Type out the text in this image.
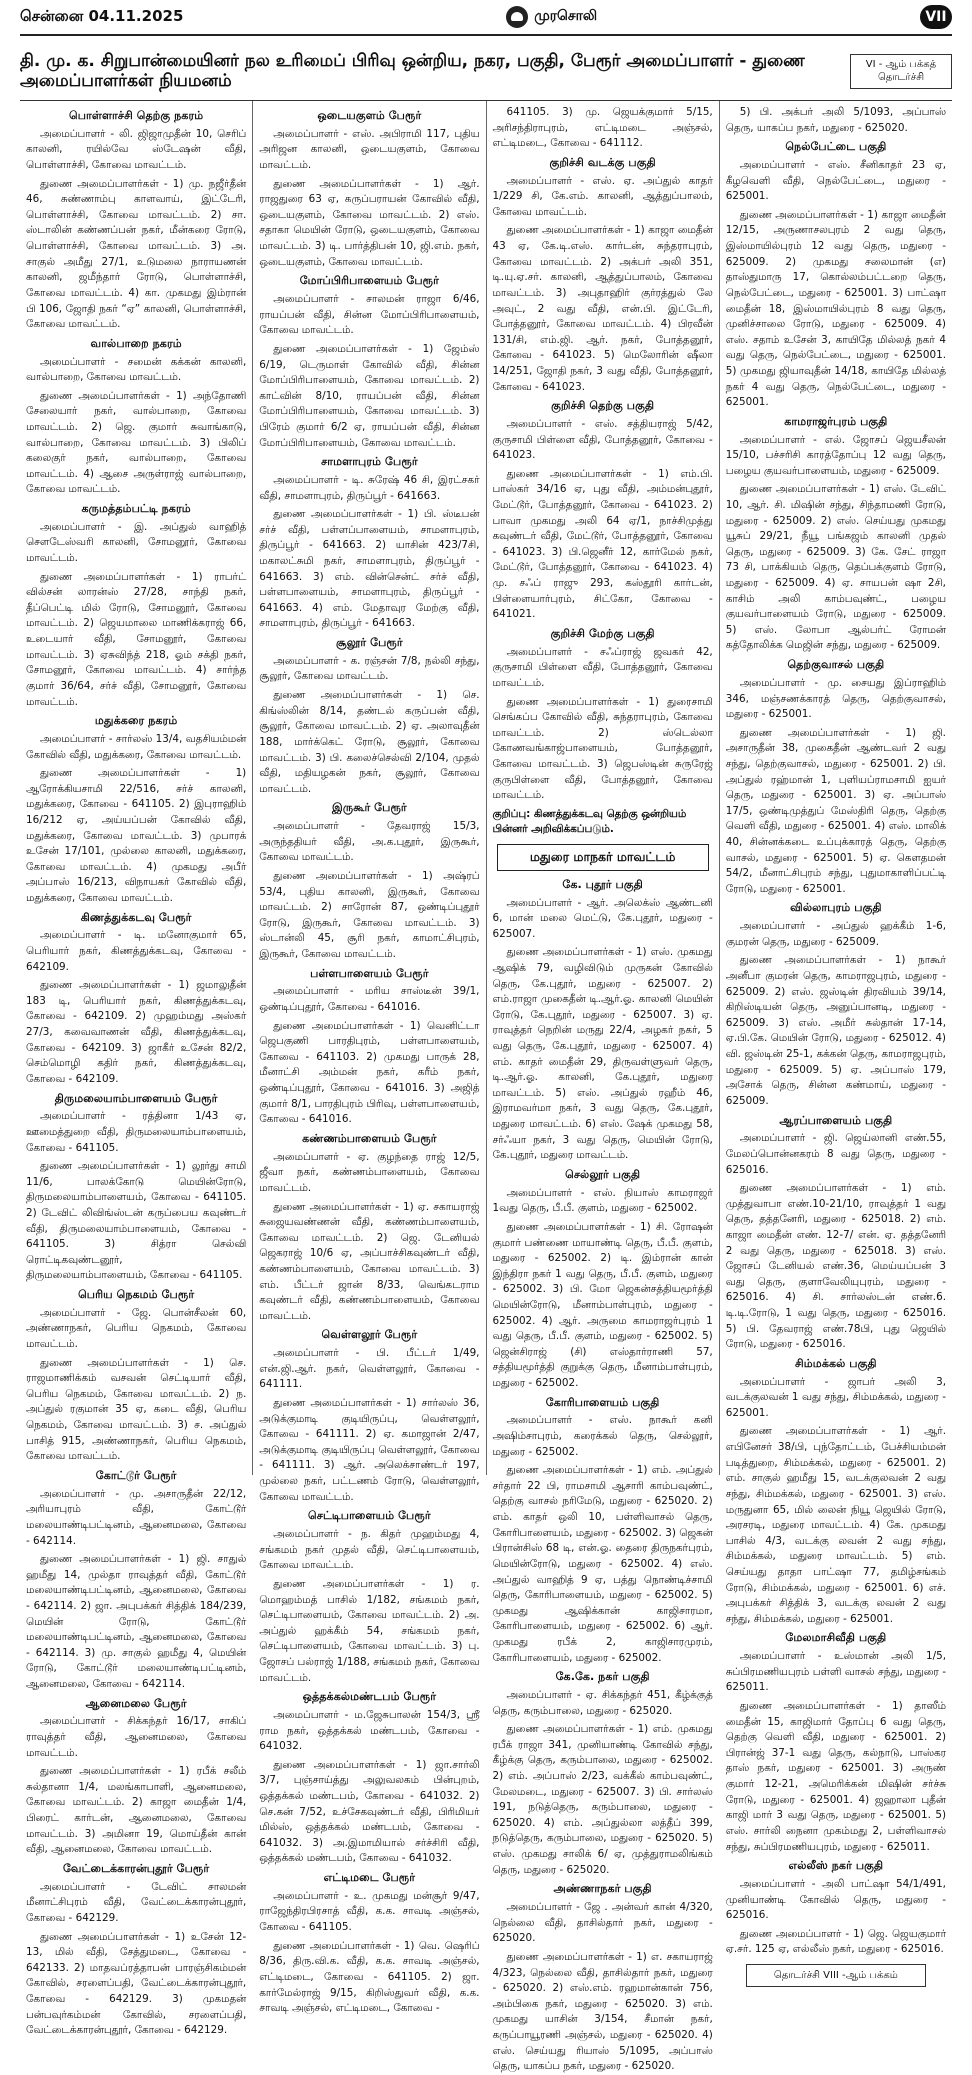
சென்னை 04.11.2025	முரசொலி	VII
தி. மு. க. சிறுபான்மையினர் நல உரிமைப் பிரிவு ஒன்றிய, நகர, பகுதி, பேரூர் அமைப்பாளர் - துணை அமைப்பாளர்கள் நியமனம்
VI - ஆம் பக்கத் தொடர்ச்சி
பொள்ளாச்சி தெற்கு நகரம்

அமைப்பாளர் - லி. ஜிஜாமுதீன் 10, செரிப் காலனி, ரயில்வே ஸ்டேஷன் வீதி, பொள்ளாச்சி, கோவை மாவட்டம்.

துணை அமைப்பாளர்கள் - 1) மு. நஜீர்தீன் 46, சுண்ணாம்பு காளவாய், இட்டேரி, பொள்ளாச்சி, கோவை மாவட்டம். 2) சா. ஸ்டாலின் கண்ணப்பன் நகர், மீன்கரை ரோடு, பொள்ளாச்சி, கோவை மாவட்டம். 3) அ. சாகுல் அமீது 27/1, உடுமலை நாராயணன் காலனி, ஜமீந்தார் ரோடு, பொள்ளாச்சி, கோவை மாவட்டம். 4) கா. முகமது இம்ரான் பி 106, ஜோதி நகர் “ஏ” காலனி, பொள்ளாச்சி, கோவை மாவட்டம்.

வால்பாறை நகரம்

அமைப்பாளர் - சமைன் கக்கன் காலனி, வால்பாறை, கோவை மாவட்டம்.

துணை அமைப்பாளர்கள் - 1) அந்தோணி சேலையார் நகர், வால்பாறை, கோவை மாவட்டம். 2) ஜெ. குமார் சுவாங்காடு, வால்பாறை, கோவை மாவட்டம். 3) பிலிப் கலைகுர் நகர், வால்பாறை, கோவை மாவட்டம். 4) ஆசை அருள்ராஜ் வால்பாறை, கோவை மாவட்டம்.

கருமத்தம்பட்டி நகரம்

அமைப்பாளர் - இ. அப்துல் வாஹித் சௌடேஸ்வரி காலனி, சோமனூர், கோவை மாவட்டம்.

துணை அமைப்பாளர்கள் - 1) ராபர்ட் வில்சன் லாரன்ஸ் 27/28, சாந்தி நகர், தீப்பெட்டி மில் ரோடு, சோமனூர், கோவை மாவட்டம். 2) ஜெயமாலை மாணிக்கராஜ் 66, உடையார் வீதி, சோமனூர், கோவை மாவட்டம். 3) ஏசுவிந்த் 218, ஓம் சக்தி நகர், சோமனூர், கோவை மாவட்டம். 4) சார்ந்த குமார் 36/64, சர்ச் வீதி, சோமனூர், கோவை மாவட்டம்.

மதுக்கரை நகரம்

அமைப்பாளர் - சார்லஸ் 13/4, வதசியம்மன் கோவில் வீதி, மதுக்கரை, கோவை மாவட்டம்.

துணை அமைப்பாளர்கள் - 1) ஆரோக்கியசாமி 22/516, சர்ச் காலனி, மதுக்கரை, கோவை - 641105. 2) இபுராஹிம் 16/212 ஏ, அய்யப்பன் கோவில் வீதி, மதுக்கரை, கோவை மாவட்டம். 3) முபாரக் உசேன் 17/101, முல்லை காலனி, மதுக்கரை, கோவை மாவட்டம். 4) முகமது அபீர் அப்பாஸ் 16/213, விநாயகர் கோவில் வீதி, மதுக்கரை, கோவை மாவட்டம்.

கிணத்துக்கடவு பேரூர்

அமைப்பாளர் - டி. மனோகுமார் 65, பெரியார் நகர், கிணத்துக்கடவு, கோவை - 642109.

துணை அமைப்பாளர்கள் - 1) ஜமாலுதீன் 183 டி, பெரியார் நகர், கிணத்துக்கடவு, கோவை - 642109. 2) முஹம்மது அஸ்கர் 27/3, கவைவாணன் வீதி, கிணத்துக்கடவு, கோவை - 642109. 3) ஜாகீர் உசேன் 82/2, செம்மொழி கதிர் நகர், கிணத்துக்கடவு, கோவை - 642109.

திருமலையாம்பாளையம் பேரூர்

அமைப்பாளர் - ரத்தினா 1/43 ஏ, ஊமைத்துறை வீதி, திருமலையாம்பாளையம், கோவை - 641105.

துணை அமைப்பாளர்கள் - 1) லூர்து சாமி 11/6, பாலக்கோடு மெயின்ரோடு, திருமலையாம்பாளையம், கோவை - 641105. 2) டேவிட் லிவிங்ஸ்டன் கருப்பைய கவுண்டர் வீதி, திருமலையாம்பாளையம், கோவை - 641105. 3) சித்ரா செல்வி ரொட்டிகவுண்டனூர், திருமலையாம்பாளையம், கோவை - 641105.

பெரிய நெகமம் பேரூர்

அமைப்பாளர் - ஜே. பொன்சீலன் 60, அண்ணாநகர், பெரிய நெகமம், கோவை மாவட்டம்.

துணை அமைப்பாளர்கள் - 1) செ. ராஜமாணிக்கம் வசவன் செட்டியார் வீதி, பெரிய நெகமம், கோவை மாவட்டம். 2) ந. அப்துல் ரகுமான் 35 ஏ, கடை வீதி, பெரிய நெகமம், கோவை மாவட்டம். 3) ச. அப்துல் பாசித் 915, அண்ணாநகர், பெரிய நெகமம், கோவை மாவட்டம்.

கோட்டூர் பேரூர்

அமைப்பாளர் - மு. அசாருதீன் 22/12, அரியாபுரம் வீதி, கோட்டூர் மலையாண்டிபட்டினம், ஆனைமலை, கோவை - 642114.

துணை அமைப்பாளர்கள் - 1) ஜி. சாதுல் ஹமீது 14, முல்தா ராவுத்தர் வீதி, கோட்டூர் மலையாண்டிபட்டினம், ஆனைமலை, கோவை - 642114. 2) ஜா. அபுபக்கர் சித்திக் 184/239, மெயின் ரோடு, கோட்டூர் மலையாண்டிபட்டினம், ஆனைமலை, கோவை - 642114. 3) மு. சாகுல் ஹமீது 4, மெயின் ரோடு, கோட்டூர் மலையாண்டிபட்டினம், ஆனைமலை, கோவை - 642114.

ஆனைமலை பேரூர்

அமைப்பாளர் - சிக்கந்தர் 16/17, சாகிப் ராவுத்தர் வீதி, ஆனைமலை, கோவை மாவட்டம்.

துணை அமைப்பாளர்கள் - 1) ரபீக் சலீம் சுல்தானா 1/4, மலங்காபாளி, ஆனைமலை, கோவை மாவட்டம். 2) காஜா மைதீன் 1/4, பிரைட் கார்டன், ஆனைமலை, கோவை மாவட்டம். 3) அமினா 19, மொய்தீன் கான் வீதி, ஆனைமலை, கோவை மாவட்டம்.

வேட்டைக்காரன்புதூர் பேரூர்

அமைப்பாளர் - டேவிட் சாலமன் மீனாட்சிபுரம் வீதி, வேட்டைக்காரன்புதூர், கோவை - 642129.

துணை அமைப்பாளர்கள் - 1) உசேன் 12-13, மில் வீதி, சேத்துமடை, கோவை - 642133. 2) மாதவப்ரத்தாபன் பாரஞ்சிகம்மன் கோவில், சரளைப்பதி, வேட்டைக்காரன்புதூர், கோவை - 642129. 3) முகமதன் பன்பவுர்கம்மன் கோவில், சரளைப்பதி, வேட்டைக்காரன்புதூர், கோவை - 642129.

ஒடையகுளம் பேரூர்

அமைப்பாளர் - எஸ். அபிராமி 117, புதிய அரிஜன காலனி, ஒடையகுளம், கோவை மாவட்டம்.

துணை அமைப்பாளர்கள் - 1) ஆர். ராஜதுரை 63 ஏ, கருப்பராயன் கோவில் வீதி, ஒடையகுளம், கோவை மாவட்டம். 2) எஸ். சதாகா மெயின் ரோடு, ஒடையகுளம், கோவை மாவட்டம். 3) டி. பார்த்திபன் 10, ஜி.எம். நகர், ஒடையகுளம், கோவை மாவட்டம்.

மோப்பிரிபாளையம் பேரூர்

அமைப்பாளர் - சாலமன் ராஜா 6/46, ராயப்பன் வீதி, சின்ன மோப்பிரிபாளையம், கோவை மாவட்டம்.

துணை அமைப்பாளர்கள் - 1) ஜேம்ஸ் 6/19, டெருமாள் கோவில் வீதி, சின்ன மோப்பிரிபாளையம், கோவை மாவட்டம். 2) காட்வின் 8/10, ராயப்பன் வீதி, சின்ன மோப்பிரிபாளையம், கோவை மாவட்டம். 3) பிரேம் குமார் 6/2 ஏ, ராயப்பன் வீதி, சின்ன மோப்பிரிபாளையம், கோவை மாவட்டம்.

சாமளாபுரம் பேரூர்

அமைப்பாளர் - டி. சுரேஷ் 46 சி, இரட்சகர் வீதி, சாமளாபுரம், திருப்பூர் - 641663.

துணை அமைப்பாளர்கள் - 1) பி. ஸ்டீபன் சர்ச் வீதி, பள்ளப்பாளையம், சாமளாபுரம், திருப்பூர் - 641663. 2) யாசின் 423/7சி, மகாலட்சுமி நகர், சாமளாபுரம், திருப்பூர் - 641663. 3) எம். வின்சென்ட் சர்ச் வீதி, பள்ளபாளையம், சாமளாபுரம், திருப்பூர் - 641663. 4) எம். மேதாவுர மேற்கு வீதி, சாமளாபுரம், திருப்பூர் - 641663.

சூலூர் பேரூர்

அமைப்பாளர் - க. ரஞ்சன் 7/8, நல்லி சந்து, சூலூர், கோவை மாவட்டம்.

துணை அமைப்பாளர்கள் - 1) செ. கிங்ஸ்லின் 8/14, தண்டல் கருப்பன் வீதி, சூலூர், கோவை மாவட்டம். 2) ஏ. அலாவுதீன் 188, மார்க்கெட் ரோடு, சூலூர், கோவை மாவட்டம். 3) பி. கலைச்செல்வி 2/104, முதல் வீதி, மதியழகன் நகர், சூலூர், கோவை மாவட்டம்.

இருகூர் பேரூர்

அமைப்பாளர் - தேவராஜ் 15/3, அருந்ததியர் வீதி, அ.க.புதூர், இருகூர், கோவை மாவட்டம்.

துணை அமைப்பாளர்கள் - 1) அஷ்ரப் 53/4, புதிய காலனி, இருகூர், கோவை மாவட்டம். 2) சாரோன் 87, ஒண்டிப்புதூர் ரோடு, இருகூர், கோவை மாவட்டம். 3) ஸ்டான்லி 45, சூரி நகர், காமாட்சிபுரம், இருகூர், கோவை மாவட்டம்.

பள்ளபாளையம் பேரூர்

அமைப்பாளர் - மரிய சாஸ்டீன் 39/1, ஒண்டிப்புதூர், கோவை - 641016.

துணை அமைப்பாளர்கள் - 1) வெனிட்டா ஜெபகுணி பாரதிபுரம், பள்ளபாளையம், கோவை - 641103. 2) முகமது பாருக் 28, மீனாட்சி அம்மன் நகர், கரீம் நகர், ஒண்டிப்புதூர், கோவை - 641016. 3) அஜித் குமார் 8/1, பாரதிபுரம் பிரிவு, பள்ளபாளையம், கோவை - 641016.

கண்ணம்பாளையம் பேரூர்

அமைப்பாளர் - ஏ. குழந்தை ராஜ் 12/5, ஜீவா நகர், கண்ணம்பாளையம், கோவை மாவட்டம்.

துணை அமைப்பாளர்கள் - 1) ஏ. சகாயராஜ் சுஜையவண்ணன் வீதி, கண்ணம்பாளையம், கோவை மாவட்டம். 2) ஜெ. டேனியல் ஜெகராஜ் 10/6 ஏ, அப்பாச்சிகவுண்டர் வீதி, கண்ணம்பாளையம், கோவை மாவட்டம். 3) எம். பீட்டர் ஜான் 8/33, வெங்கடராம கவுண்டர் வீதி, கண்ணம்பாளையம், கோவை மாவட்டம்.

வெள்ளலூர் பேரூர்

அமைப்பாளர் - பி. பீட்டர் 1/49, என்.ஜி.ஆர். நகர், வெள்ளலூர், கோவை - 641111.

துணை அமைப்பாளர்கள் - 1) சார்லஸ் 36, அடுக்குமாடி குடியிருப்பு, வெள்ளலூர், கோவை - 641111. 2) ஏ. கமாஜான் 2/47, அடுக்குமாடி குடியிருப்பு வெள்ளலூர், கோவை - 641111. 3) ஆர். அலெக்சாண்டர் 197, முல்லை நகர், பட்டணம் ரோடு, வெள்ளலூர், கோவை மாவட்டம்.

செட்டிபாளையம் பேரூர்

அமைப்பாளர் - ந. கிதர் முஹம்மது 4, சங்கமம் நகர் முதல் வீதி, செட்டிபாளையம், கோவை மாவட்டம்.

துணை அமைப்பாளர்கள் - 1) ர. மொஹம்மத் பாசில் 1/182, சங்கமம் நகர், செட்டிபாளையம், கோவை மாவட்டம். 2) அ. அப்துல் ஹக்கீம் 54, சங்கமம் நகர், செட்டிபாளையம், கோவை மாவட்டம். 3) பு. ஜோசப் பல்ராஜ் 1/188, சங்கமம் நகர், கோவை மாவட்டம்.

ஒத்தக்கல்மண்டபம் பேரூர்

அமைப்பாளர் - ம.ஜேசுபாலன் 154/3, ஸ்ரீ ராம நகர், ஒத்தக்கல் மண்டபம், கோவை - 641032.

துணை அமைப்பாளர்கள் - 1) ஜா.சார்லி 3/7, புஞ்சாய்த்து அலுவலகம் பின்புறம், ஒத்தக்கல் மண்டபம், கோவை - 641032. 2) செ.கன் 7/52, உச்சேகவுண்டர் வீதி, பிரிமியர் மில்ஸ், ஒத்தக்கல் மண்டபம், கோவை - 641032. 3) அ.இமாமியால் சர்ச்சிரி வீதி, ஒத்தக்கல் மண்டபம், கோவை - 641032.

எட்டிமடை பேரூர்

அமைப்பாளர் - உ. முகமது மன்சூர் 9/47, ராஜேந்திரபிரசாத் வீதி, க.க. சாவடி அஞ்சல், கோவை - 641105.

துணை அமைப்பாளர்கள் - 1) வெ. ஷெரிப் 8/36, திரு.வி.க. வீதி, க.க. சாவடி அஞ்சல், எட்டிமடை, கோவை - 641105. 2) ஜா. கார்மேல்ராஜ் 9/15, கிறிஸ்துவர் வீதி, க.க. சாவடி அஞ்சல், எட்டிமடை, கோவை -

641105. 3) மு. ஜெயக்குமார் 5/15, அரிசந்திராபுரம், எட்டிமடை அஞ்சல், எட்டிமடை, கோவை - 641112.

குறிச்சி வடக்கு பகுதி

அமைப்பாளர் - எஸ். ஏ. அப்துல் காதர் 1/229 சி, கே.எம். காலனி, ஆத்துப்பாலம், கோவை மாவட்டம்.

துணை அமைப்பாளர்கள் - 1) காஜா மைதீன் 43 ஏ, கே.டி.எஸ். கார்டன், சுந்தராபுரம், கோவை மாவட்டம். 2) அக்பர் அலி 351, டி.யு.ஏ.சர். காலனி, ஆத்துப்பாலம், கோவை மாவட்டம். 3) அபுதாஹிர் குர்ரத்துல் லே அவுட், 2 வது வீதி, என்.பி. இட்டேரி, போத்தனூர், கோவை மாவட்டம். 4) பிரவீன் 131/சி, எம்.ஜி. ஆர். நகர், போத்தனூர், கோவை - 641023. 5) மெலோரின் ஷீலா 14/251, ஜோதி நகர், 3 வது வீதி, போத்தனூர், கோவை - 641023.

குறிச்சி தெற்கு பகுதி

அமைப்பாளர் - எஸ். சத்தியராஜ் 5/42, குருசாமி பிள்ளை வீதி, போத்தனூர், கோவை - 641023.

துணை அமைப்பாளர்கள் - 1) எம்.பி. பாஸ்கர் 34/16 ஏ, புது வீதி, அம்மன்புதூர், மேட்டூர், போத்தனூர், கோவை - 641023. 2) பாவா முகமது அலி 64 ஏ/1, நாச்சிமுத்து கவுண்டர் வீதி, மேட்டூர், போத்தனூர், கோவை - 641023. 3) பி.ஜெனீர் 12, கார்மேல் நகர், மேட்டூர், போத்தனூர், கோவை - 641023. 4) மு. சஃப் ராஜு 293, கஸ்தூரி கார்டன், பிள்ளையார்புரம், சிட்கோ, கோவை - 641021.

குறிச்சி மேற்கு பகுதி

அமைப்பாளர் - சஃப்ராஜ் ஜவகர் 42, குருசாமி பிள்ளை வீதி, போத்தனூர், கோவை மாவட்டம்.

துணை அமைப்பாளர்கள் - 1) துரைசாமி செங்கப்ப கோவில் வீதி, சுந்தராபுரம், கோவை மாவட்டம். 2) ஸ்டெல்லா கோணவங்காஜ்பாளையம், போத்தனூர், கோவை மாவட்டம். 3) ஜெபஸ்டின் சுருரேஜ் குருபிள்ளை வீதி, போத்தனூர், கோவை மாவட்டம்.

குறிப்பு: கிணத்துக்கடவு தெற்கு ஒன்றியம் பின்னர் அறிவிக்கப்படும்.
மதுரை மாநகர் மாவட்டம்
கே. புதூர் பகுதி

அமைப்பாளர் - ஆர். அலெக்ஸ் ஆண்டனி 6, மான் மலை மெட்டு, கே.புதூர், மதுரை - 625007.

துணை அமைப்பாளர்கள் - 1) எஸ். முகமது ஆஷிக் 79, வழிவிடும் முருகன் கோவில் தெரு, கே.புதூர், மதுரை - 625007. 2) எம்.ராஜா முகைதீன் டி.ஆர்.ஓ. காலனி மெயின் ரோடு, கே.புதூர், மதுரை - 625007. 3) ஏ. ராவுத்தர் நெறின் மருது 22/4, அழகர் நகர், 5 வது தெரு, கே.புதூர், மதுரை - 625007. 4) எம். காதர் மைதீன் 29, திருவள்ளுவர் தெரு, டி.ஆர்.ஓ. காலனி, கே.புதூர், மதுரை மாவட்டம். 5) எஸ். அப்துல் ரஹீம் 46, இராமவர்மா நகர், 3 வது தெரு, கே.புதூர், மதுரை மாவட்டம். 6) எஸ். ஷேக் முகமது 58, சர்ஃயா நகர், 3 வது தெரு, மெயின் ரோடு, கே.புதூர், மதுரை மாவட்டம்.

செல்லூர் பகுதி

அமைப்பாளர் - எஸ். நியாஸ் காமராஜர் 1வது தெரு, பீ.பீ. குளம், மதுரை - 625002.

துணை அமைப்பாளர்கள் - 1) சி. ரோஷன் குமார் பண்ணை மாயாண்டி தெரு, பீ.பீ. குளம், மதுரை - 625002. 2) டி. இம்ரான் கான் இந்திரா நகர் 1 வது தெரு, பீ.பீ. குளம், மதுரை - 625002. 3) பி. மோ ஜெகன்சத்தியமூர்த்தி மெயின்ரோடு, மீனாம்பாள்புரம், மதுரை - 625002. 4) ஆர். அருமை காமராஜர்புரம் 1 வது தெரு, பீ.பீ. குளம், மதுரை - 625002. 5) ஜென்சிராஜ் (சி) எஸ்தார்ராணி 57, சத்தியமூர்த்தி குறுக்கு தெரு, மீனாம்பாள்புரம், மதுரை - 625002.

கோரிபாளையம் பகுதி

அமைப்பாளர் - எஸ். நாகூர் கனி அஷிம்சாபுரம், கரைக்கல் தெரு, செல்லூர், மதுரை - 625002.

துணை அமைப்பாளர்கள் - 1) எம். அப்துல் சர்தார் 22 பி, ராமசாமி ஆசாரி காம்பவுண்ட், தெற்கு வாசல் நரிமேடு, மதுரை - 625020. 2) எம். காதர் ஒலி 10, பள்ளிவாசல் தெரு, கோரிபாளையம், மதுரை - 625002. 3) ஜெகன் பிரான்சிஸ் 68 டி, என்.ஓ. தைரை திருநகர்புரம், மெயின்ரோடு, மதுரை - 625002. 4) எஸ். அப்துல் வாஹித் 9 ஏ, பத்து நொண்டிச்சாமி தெரு, கோரிபாளையம், மதுரை - 625002. 5) முகமது ஆஷிக்கான் காஜிசாரமா, கோரிபாளையம், மதுரை - 625002. 6) ஆர். முகமது ரபீக் 2, காஜிசாரமுரம், கோரிபாளையம், மதுரை - 625002.

கே.கே. நகர் பகுதி

அமைப்பாளர் - ஏ. சிக்கந்தர் 451, கீழ்க்குத் தெரு, கரும்பாலை, மதுரை - 625020.

துணை அமைப்பாளர்கள் - 1) எம். முகமது ரபீக் ராஜா 341, முனியாண்டி கோவில் சந்து, கீழ்க்கு தெரு, கரும்பாலை, மதுரை - 625002. 2) எம். அப்பாஸ் 2/23, வக்கீல் காம்பவுண்ட், மேலமடை, மதுரை - 625007. 3) பி. சார்லஸ் 191, நடுத்தெரு, கரும்பாலை, மதுரை - 625020. 4) எம். அப்துல்லா லத்தீப் 399, நடுத்தெரு, கரும்பாலை, மதுரை - 625020. 5) எஸ். முகமது சாலிக் 6/ ஏ, முத்துராமலிங்கம் தெரு, மதுரை - 625020.

அண்ணாநகர் பகுதி

அமைப்பாளர் - ஜே . அன்வர் கான் 4/320, நெல்லை வீதி, தாசில்தார் நகர், மதுரை - 625020.

துணை அமைப்பாளர்கள் - 1) எ. சகாயராஜ் 4/323, நெல்லை வீதி, தாசில்தார் நகர், மதுரை - 625020. 2) எஸ்.எம். ரஹமான்கான் 756, அம்பிகை நகர், மதுரை - 625020. 3) எம். முகமது யாசின் 3/154, சீமான் நகர், கருப்பாயூரணி அஞ்சல், மதுரை - 625020. 4) எஸ். செய்யது ரியாஸ் 5/1095, அப்பாஸ் தெரு, யாகப்ப நகர், மதுரை - 625020.

5) பி. அக்பர் அலி 5/1093, அப்பாஸ் தெரு, யாகப்ப நகர், மதுரை - 625020.

நெல்பேட்டை பகுதி

அமைப்பாளர் - எஸ். சீனிகாதர் 23 ஏ, கீழவெளி வீதி, நெல்பேட்டை, மதுரை - 625001.

துணை அமைப்பாளர்கள் - 1) காஜா மைதீன் 12/15, அருணாசலபுரம் 2 வது தெரு, இஸ்மாயில்புரம் 12 வது தெரு, மதுரை - 625009. 2) முகமது சலைமான் (எ) தாஸ்துமாரு 17, கொல்லம்பட்டறை தெரு, நெல்பேட்டை, மதுரை - 625001. 3) பாட்ஷா மைதீன் 18, இஸ்மாயில்புரம் 8 வது தெரு, முனிச்சாலை ரோடு, மதுரை - 625009. 4) எஸ். சதாம் உசேன் 3, காயிதே மில்லத் நகர் 4 வது தெரு, நெல்பேட்டை, மதுரை - 625001. 5) முகமது ஜியாவுதீன் 14/18, காயிதே மில்லத் நகர் 4 வது தெரு, நெல்பேட்டை, மதுரை - 625001.

காமராஜர்புரம் பகுதி

அமைப்பாளர் - எல். ஜோசப் ஜெயசீலன் 15/10, பச்சரிசி காரத்தோப்பு 12 வது தெரு, பழைய குயவர்பாளையம், மதுரை - 625009.

துணை அமைப்பாளர்கள் - 1) எஸ். டேவிட் 10, ஆர். சி. மிஷின் சந்து, சிந்தாமணி ரோடு, மதுரை - 625009. 2) எஸ். செய்யது முகமது யூசுப் 29/21, நீயூ பங்கஜம் காலனி முதல் தெரு, மதுரை - 625009. 3) கே. சேட் ராஜா 73 சி, பாக்கியம் தெரு, தெப்பக்குளம் ரோடு, மதுரை - 625009. 4) ஏ. சாயபன் ஷா 2சி, காசிம் அலி காம்பவுண்ட், பழைய குயவர்பாளையம் ரோடு, மதுரை - 625009. 5) எஸ். லோபா ஆல்பர்ட் ரோமன் கத்தோலிக்க மெஜின் சந்து, மதுரை - 625009.

தெற்குவாசல் பகுதி

அமைப்பாளர் - மு. சையது இப்ராஹிம் 346, மஞ்சணக்காரத் தெரு, தெற்குவாசல், மதுரை - 625001.

துணை அமைப்பாளர்கள் - 1) ஜி. அசாருதீன் 38, முகைதீன் ஆண்டவர் 2 வது சந்து, தெற்குவாசல், மதுரை - 625001. 2) பி. அப்துல் ரஹ்மான் 1, புளியப்ராமசாமி ஐயர் தெரு, மதுரை - 625001. 3) ஏ. அப்பாஸ் 17/5, ஒண்டிமுத்துப் மேஸ்திரி தெரு, தெற்கு வெளி வீதி, மதுரை - 625001. 4) எஸ். மாலிக் 40, சின்னக்கடை உப்புக்காரத் தெரு, தெற்கு வாசல், மதுரை - 625001. 5) ஏ. கௌதமன் 54/2, மீனாட்சிபுரம் சந்து, புதுமாகாளிப்பட்டி ரோடு, மதுரை - 625001.

வில்லாபுரம் பகுதி

அமைப்பாளர் - அப்துல் ஹக்கீம் 1-6, குமரன் தெரு, மதுரை - 625009.

துணை அமைப்பாளர்கள் - 1) நாகூர் அனீபா குமரன் தெரு, காமராஜபுரம், மதுரை - 625009. 2) எஸ். ஜஸ்டின் திரவியம் 39/14, கிறிஸ்டியன் தெரு, அனுப்பானடி, மதுரை - 625009. 3) எஸ். அமீர் சுல்தான் 17-14, ஏ.பி.கே. மெயின் ரோடு, மதுரை - 625012. 4) வி. ஜஸ்டின் 25-1, கக்கன் தெரு, காமராஜபுரம், மதுரை - 625009. 5) ஏ. அப்பாஸ் 179, அசோக் தெரு, சின்ன கண்மாய், மதுரை - 625009.

ஆரப்பாளையம் பகுதி

அமைப்பாளர் - ஜி. ஜெய்லானி எண்.55, மேலப்பொன்னகரம் 8 வது தெரு, மதுரை - 625016.

துணை அமைப்பாளர்கள் - 1) எம். முத்துவாபா எண்.10-21/10, ராவுத்தர் 1 வது தெரு, தத்தனேரி, மதுரை - 625018. 2) எம். காஜா மைதீன் எண். 12-7/ என். ஏ. தத்தனேரி 2 வது தெரு, மதுரை - 625018. 3) எஸ். ஜோசப் டேனியல் எண்.36, மெய்யப்பன் 3 வது தெரு, குளாவேலியுபுரம், மதுரை - 625016. 4) சி. சார்லஸ்டன் எண்.6. டி.டி.ரோடு, 1 வது தெரு, மதுரை - 625016. 5) பி. தேவராஜ் எண்.78பி, புது ஜெயில் ரோடு, மதுரை - 625016.

சிம்மக்கல் பகுதி

அமைப்பாளர் - ஜாபர் அலி 3, வடக்குலவன் 1 வது சந்து, சிம்மக்கல், மதுரை - 625001.

துணை அமைப்பாளர்கள் - 1) ஆர். எபினேசர் 38/பி, புந்தோட்டம், பேச்சியம்மன் படித்துறை, சிம்மக்கல், மதுரை - 625001. 2) எம். சாகுல் ஹமீது 15, வடக்குலவன் 2 வது சந்து, சிம்மக்கல், மதுரை - 625001. 3) எஸ். மருதுனா 65, மில் லைன் நியூ ஜெயில் ரோடு, அரசரடி, மதுரை மாவட்டம். 4) கே. முகமது பாசில் 4/3, வடக்கு லவன் 2 வது சந்து, சிம்மக்கல், மதுரை மாவட்டம். 5) எம். செய்யது தாதா பாட்ஷா 77, தமிழ்சங்கம் ரோடு, சிம்மக்கல், மதுரை - 625001. 6) எச். அபுபக்கர் சித்திக் 3, வடக்கு லவன் 2 வது சந்து, சிம்மக்கல், மதுரை - 625001.

மேலமாசிவீதி பகுதி

அமைப்பாளர் - உஸ்மான் அலி 1/5, சுப்பிரமணியபுரம் பள்ளி வாசல் சந்து, மதுரை - 625011.

துணை அமைப்பாளர்கள் - 1) தாஸீம் மைதீன் 15, காஜிமார் தோப்பு 6 வது தெரு, தெற்கு வெளி வீதி, மதுரை - 625001. 2) பிரான்ஜ் 37-1 வது தெரு, கல்நாடு, பாஸ்கர தாஸ் நகர், மதுரை - 625001. 3) அருண் குமார் 12-21, அமெரிக்கன் மிஷின் சர்ச்சு ரோடு, மதுரை - 625001. 4) ஜஹாலா புதீன் காஜி மார் 3 வது தெரு, மதுரை - 625001. 5) எஸ். சார்லி நைனா முகம்மது 2, பள்ளிவாசல் சந்து, சுப்பிரமணியபுரம், மதுரை - 625011.

எல்லீஸ் நகர் பகுதி

அமைப்பாளர் - அலி பாட்ஷா 54/1/491, முனியாண்டி கோவில் தெரு, மதுரை - 625016.

துணை அமைப்பாளர் - 1) ஜெ. ஜெயகுமார் ஏ.சர். 125 ஏ, எல்லீஸ் நகர், மதுரை - 625016.

தொடர்ச்சி VIII -ஆம் பக்கம்
